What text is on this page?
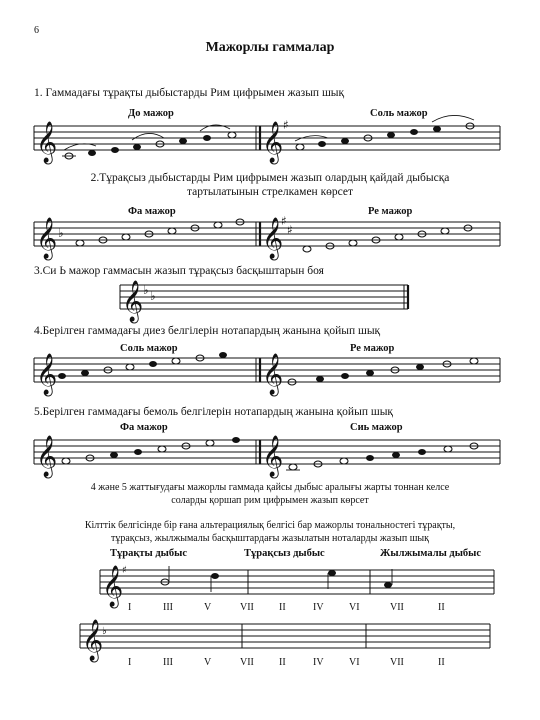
6
Мажорлы гаммалар
1. Гаммадағы тұрақты дыбыстарды Рим цифрымен жазып шық
До мажор	Соль мажор
𝄞	𝄞 ♯
𝄞	𝄞
♭
♯
♯
𝄞 ♭ ♭
𝄞	𝄞
𝄞	𝄞
𝄞
♯
𝄞
♭
2.Тұрақсыз дыбыстарды Рим цифрымен жазып олардың қайдай дыбысқа
тартылатынын стрелкамен көрсет
Фа мажор	Ре мажор
3.Си Ь мажор гаммасын жазып тұрақсыз басқыштарын боя
4.Берілген гаммадағы диез белгілерін нотапардың жанына қойып шық
Соль мажор	Ре мажор
5.Берілген гаммадағы бемоль белгілерін нотапардың жанына қойып шық
Фа мажор	Сиь мажор
4 және 5 жаттығудағы мажорлы гаммада қайсы дыбыс аралығы жарты тоннан келсе
соларды қоршап рим цифрымен жазып көрсет
Кілттік белгісінде бір ғана альтерациялық белгісі бар мажорлы тональностегі тұрақты,
тұрақсыз, жылжымалы басқыштардағы жазылатын ноталарды жазып шық
Тұрақты дыбыс	Тұрақсыз дыбыс	Жылжымалы дыбыс
I	III	V	VII	II	IV	VI	VII	II
I	III	V	VII	II	IV	VI	VII	II
